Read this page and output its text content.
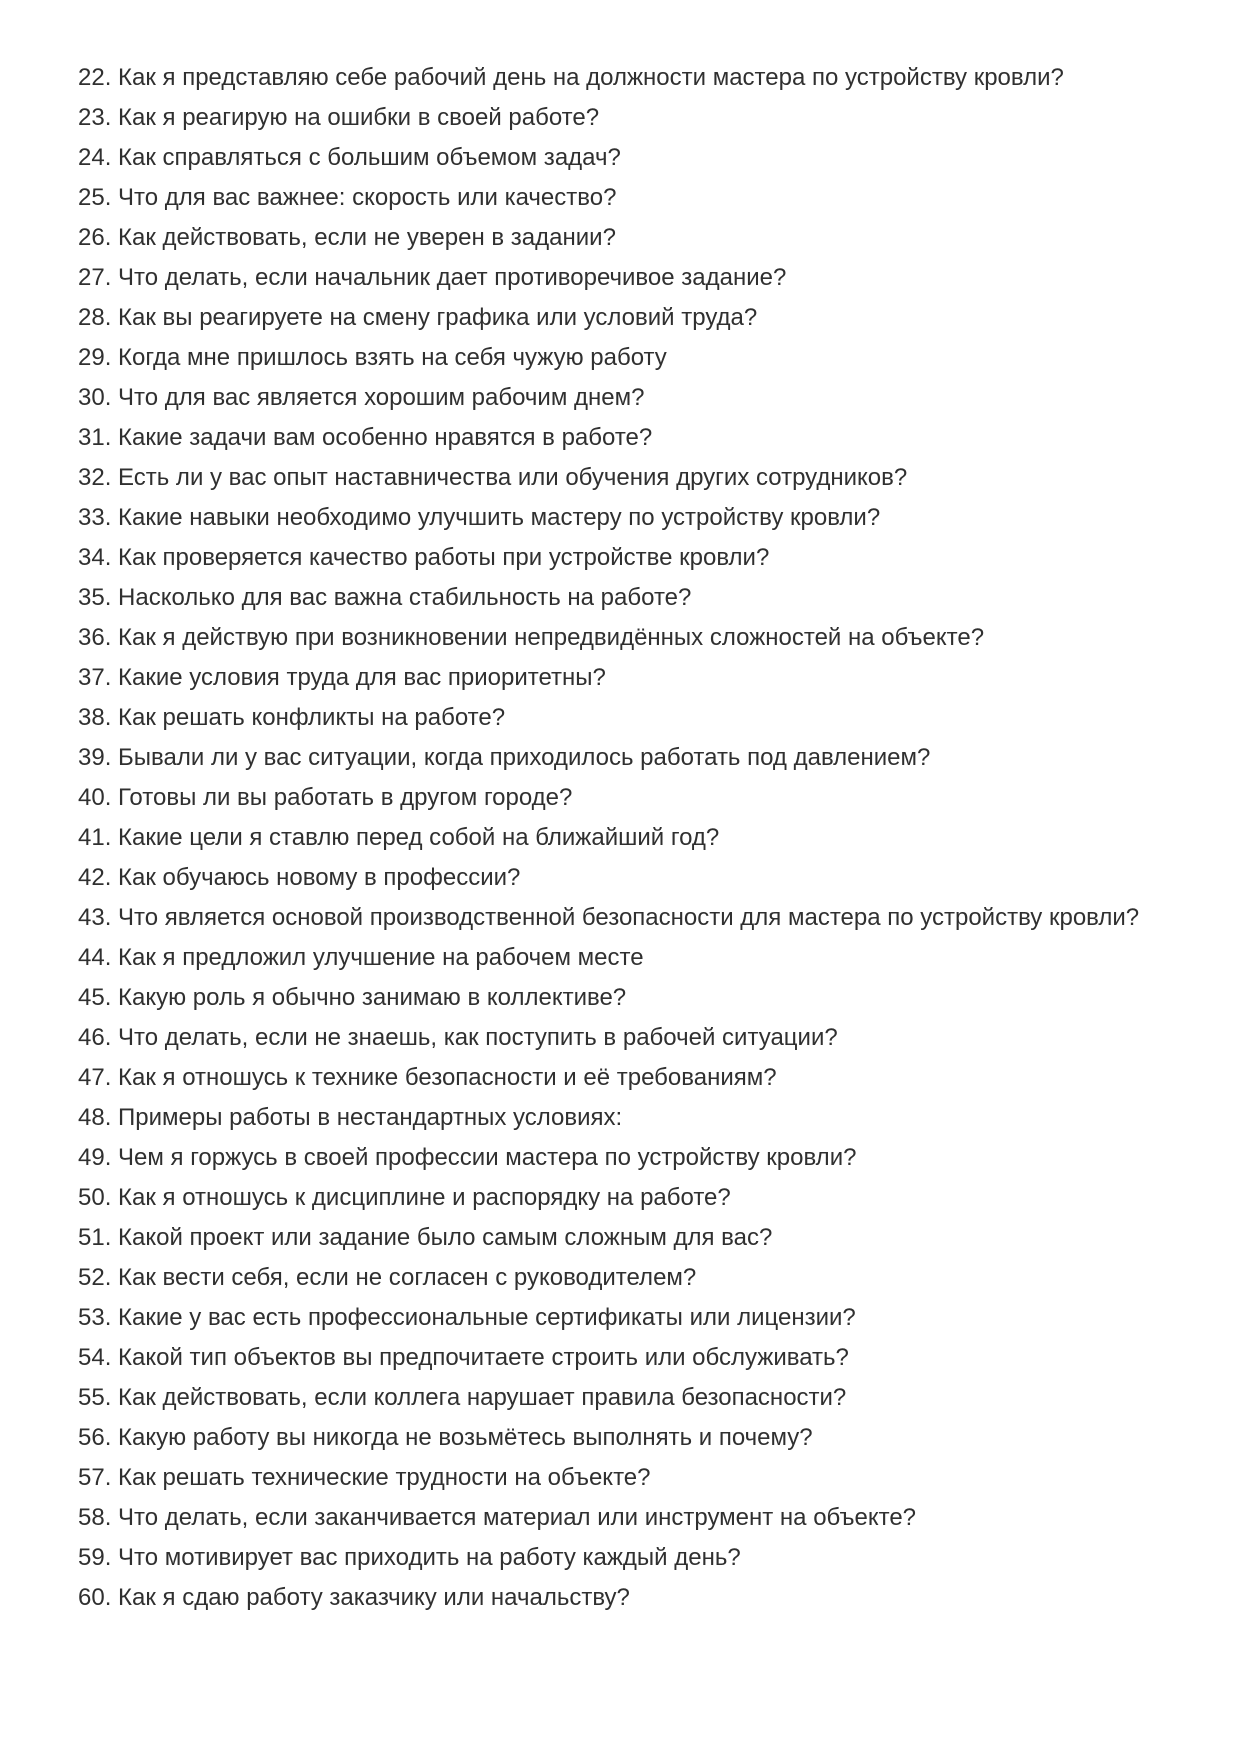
22. Как я представляю себе рабочий день на должности мастера по устройству кровли?

23. Как я реагирую на ошибки в своей работе?

24. Как справляться с большим объемом задач?

25. Что для вас важнее: скорость или качество?

26. Как действовать, если не уверен в задании?

27. Что делать, если начальник дает противоречивое задание?

28. Как вы реагируете на смену графика или условий труда?

29. Когда мне пришлось взять на себя чужую работу

30. Что для вас является хорошим рабочим днем?

31. Какие задачи вам особенно нравятся в работе?

32. Есть ли у вас опыт наставничества или обучения других сотрудников?

33. Какие навыки необходимо улучшить мастеру по устройству кровли?

34. Как проверяется качество работы при устройстве кровли?

35. Насколько для вас важна стабильность на работе?

36. Как я действую при возникновении непредвидённых сложностей на объекте?

37. Какие условия труда для вас приоритетны?

38. Как решать конфликты на работе?

39. Бывали ли у вас ситуации, когда приходилось работать под давлением?

40. Готовы ли вы работать в другом городе?

41. Какие цели я ставлю перед собой на ближайший год?

42. Как обучаюсь новому в профессии?

43. Что является основой производственной безопасности для мастера по устройству кровли?

44. Как я предложил улучшение на рабочем месте

45. Какую роль я обычно занимаю в коллективе?

46. Что делать, если не знаешь, как поступить в рабочей ситуации?

47. Как я отношусь к технике безопасности и её требованиям?

48. Примеры работы в нестандартных условиях:

49. Чем я горжусь в своей профессии мастера по устройству кровли?

50. Как я отношусь к дисциплине и распорядку на работе?

51. Какой проект или задание было самым сложным для вас?

52. Как вести себя, если не согласен с руководителем?

53. Какие у вас есть профессиональные сертификаты или лицензии?

54. Какой тип объектов вы предпочитаете строить или обслуживать?

55. Как действовать, если коллега нарушает правила безопасности?

56. Какую работу вы никогда не возьмётесь выполнять и почему?

57. Как решать технические трудности на объекте?

58. Что делать, если заканчивается материал или инструмент на объекте?

59. Что мотивирует вас приходить на работу каждый день?

60. Как я сдаю работу заказчику или начальству?
